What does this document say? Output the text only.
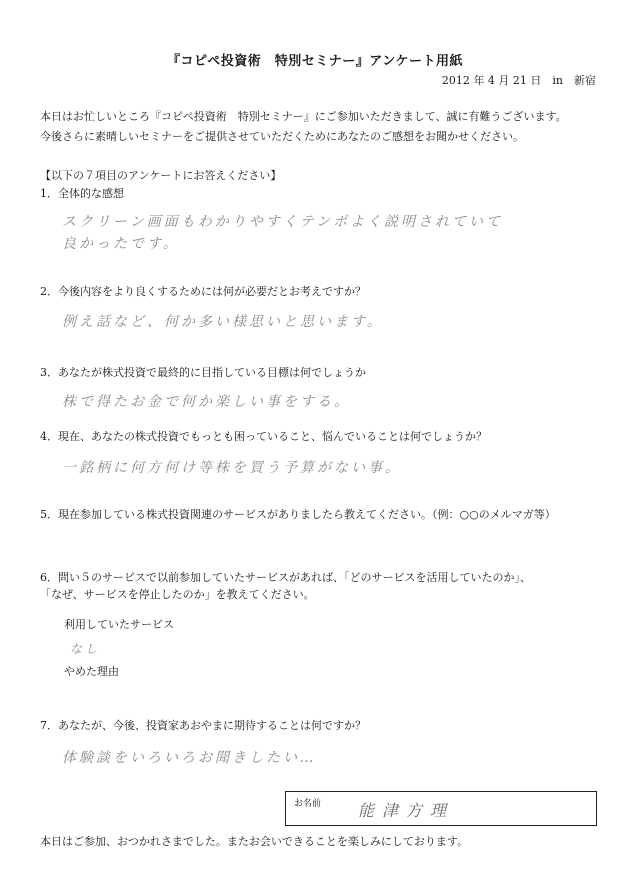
『コピペ投資術　特別セミナー』アンケート用紙
2012 年 4 月 21 日　in　新宿
本日はお忙しいところ『コピペ投資術　特別セミナー』にご参加いただきまして、誠に有難うございます。
今後さらに素晴しいセミナーをご提供させていただくためにあなたのご感想をお聞かせください。
【以下の７項目のアンケートにお答えください】
1．全体的な感想
スクリーン画面もわかりやすくテンポよく説明されていて
良かったです。
2．今後内容をより良くするためには何が必要だとお考えですか？
例え話など、何か多い様思いと思います。
3．あなたが株式投資で最終的に目指している目標は何でしょうか
株で得たお金で何か楽しい事をする。
4．現在、あなたの株式投資でもっとも困っていること、悩んでいることは何でしょうか？
一銘柄に何方何け等株を買う予算がない事。
5．現在参加している株式投資関連のサービスがありましたら教えてください。（例：○○のメルマガ等）
6．問い５のサービスで以前参加していたサービスがあれば、「どのサービスを活用していたのか」、
「なぜ、サービスを停止したのか」を教えてください。
利用していたサービス
なし
やめた理由
7．あなたが、今後、投資家あおやまに期待することは何ですか？
体験談をいろいろお聞きしたい…
お名前 能津方理
本日はご参加、おつかれさまでした。またお会いできることを楽しみにしております。
